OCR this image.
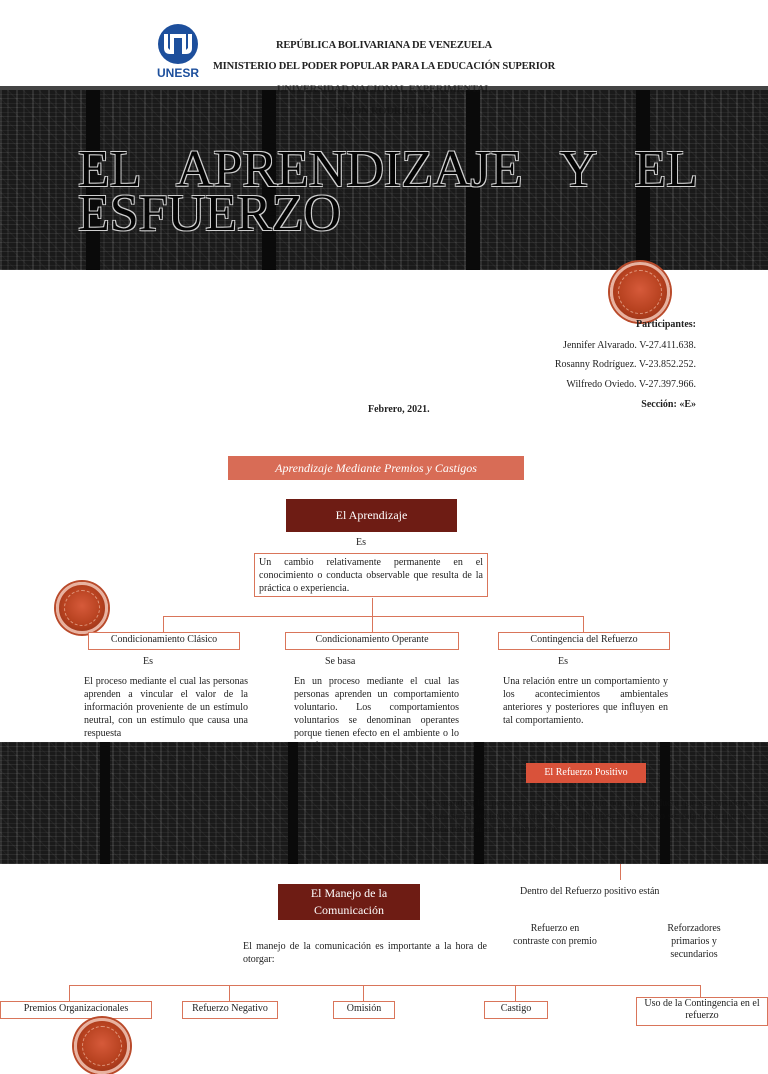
UNESR
REPÚBLICA BOLIVARIANA DE VENEZUELA
MINISTERIO DEL PODER POPULAR PARA LA EDUCACIÓN SUPERIOR
UNIVERSIDAD NACIONAL EXPERIMENTAL
SIMÓN RODRÍGUEZ
EL APRENDIZAJE Y EL ESFUERZO
Participantes:
Jennifer Alvarado. V-27.411.638.
Rosanny Rodríguez. V-23.852.252.
Wilfredo Oviedo. V-27.397.966.
Sección: «E»
Febrero, 2021.
Aprendizaje Mediante Premios y Castigos
El Aprendizaje
Es
Un cambio relativamente permanente en el conocimiento o conducta observable que resulta de la práctica o experiencia.
Condicionamiento Clásico	Condicionamiento Operante	Contingencia del Refuerzo
Es	Se basa	Es
El proceso mediante el cual las personas aprenden a vincular el valor de la información proveniente de un estímulo neutral, con un estímulo que causa una respuesta
En un proceso mediante el cual las personas aprenden un comportamiento voluntario. Los comportamientos voluntarios se denominan operantes porque tienen efecto en el ambiente o lo
Una relación entre un comportamiento y los acontecimientos ambientales anteriores y posteriores que influyen en tal comportamiento.
El Refuerzo Positivo
Es cuando a las personas se les da un premio por una conducta que se considera deseada. El contenido es uno de los estímulos, en este caso se trata de lo que se busca reforzar en la organización.
El Manejo de la Comunicación
El manejo de la comunicación es importante a la hora de otorgar:
Dentro del Refuerzo positivo están
Refuerzo en contraste con premio
Reforzadores primarios y secundarios
Premios Organizacionales	Refuerzo Negativo	Omisión	Castigo	Uso de la Contingencia en el refuerzo
